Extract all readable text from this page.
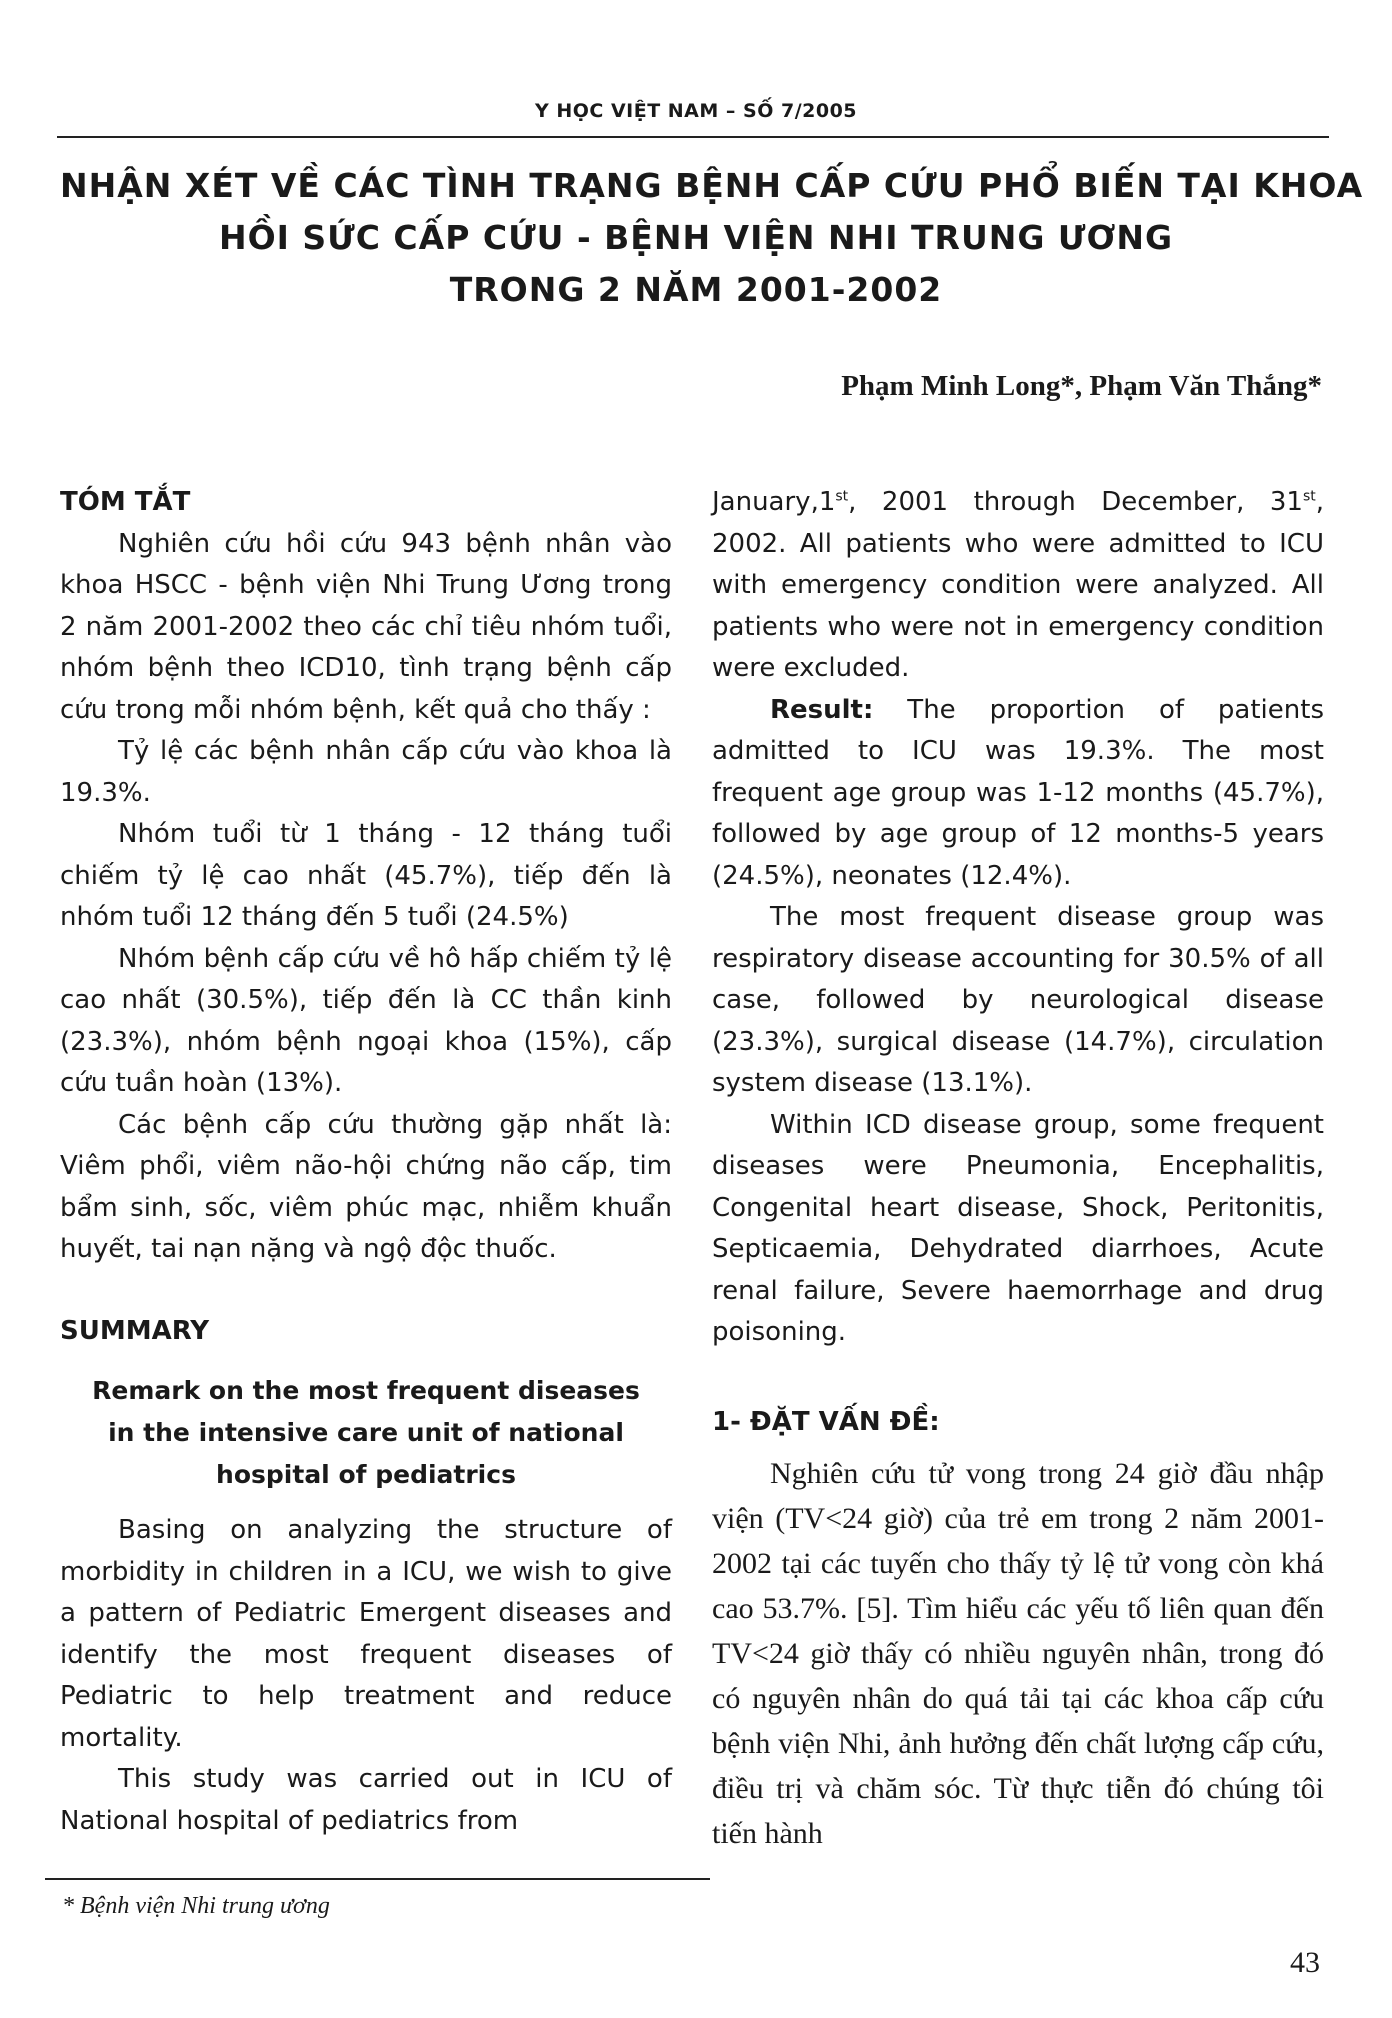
Y HỌC VIỆT NAM – SỐ 7/2005
NHẬN XÉT VỀ CÁC TÌNH TRẠNG BỆNH CẤP CỨU PHỔ BIẾN TẠI KHOA
HỒI SỨC CẤP CỨU - BỆNH VIỆN NHI TRUNG ƯƠNG
TRONG 2 NĂM 2001-2002
Phạm Minh Long*, Phạm Văn Thắng*
TÓM TẮT

Nghiên cứu hồi cứu 943 bệnh nhân vào khoa HSCC - bệnh viện Nhi Trung Ương trong 2 năm 2001-2002 theo các chỉ tiêu nhóm tuổi, nhóm bệnh theo ICD10, tình trạng bệnh cấp cứu trong mỗi nhóm bệnh, kết quả cho thấy :

Tỷ lệ các bệnh nhân cấp cứu vào khoa là 19.3%.

Nhóm tuổi từ 1 tháng - 12 tháng tuổi chiếm tỷ lệ cao nhất (45.7%), tiếp đến là nhóm tuổi 12 tháng đến 5 tuổi (24.5%)

Nhóm bệnh cấp cứu về hô hấp chiếm tỷ lệ cao nhất (30.5%), tiếp đến là CC thần kinh (23.3%), nhóm bệnh ngoại khoa (15%), cấp cứu tuần hoàn (13%).

Các bệnh cấp cứu thường gặp nhất là: Viêm phổi, viêm não-hội chứng não cấp, tim bẩm sinh, sốc, viêm phúc mạc, nhiễm khuẩn huyết, tai nạn nặng và ngộ độc thuốc.

SUMMARY
Remark on the most frequent diseases in the intensive care unit of national hospital of pediatrics

Basing on analyzing the structure of morbidity in children in a ICU, we wish to give a pattern of Pediatric Emergent diseases and identify the most frequent diseases of Pediatric to help treatment and reduce mortality.

This study was carried out in ICU of National hospital of pediatrics from

January,1st, 2001 through December, 31st, 2002. All patients who were admitted to ICU with emergency condition were analyzed. All patients who were not in emergency condition were excluded.

Result: The proportion of patients admitted to ICU was 19.3%. The most frequent age group was 1-12 months (45.7%), followed by age group of 12 months-5 years (24.5%), neonates (12.4%).

The most frequent disease group was respiratory disease accounting for 30.5% of all case, followed by neurological disease (23.3%), surgical disease (14.7%), circulation system disease (13.1%).

Within ICD disease group, some frequent diseases were Pneumonia, Encephalitis, Congenital heart disease, Shock, Peritonitis, Septicaemia, Dehydrated diarrhoes, Acute renal failure, Severe haemorrhage and drug poisoning.

1- ĐẶT VẤN ĐỀ:

Nghiên cứu tử vong trong 24 giờ đầu nhập viện (TV<24 giờ) của trẻ em trong 2 năm 2001-2002 tại các tuyến cho thấy tỷ lệ tử vong còn khá cao 53.7%. [5]. Tìm hiểu các yếu tố liên quan đến TV<24 giờ thấy có nhiều nguyên nhân, trong đó có nguyên nhân do quá tải tại các khoa cấp cứu bệnh viện Nhi, ảnh hưởng đến chất lượng cấp cứu, điều trị và chăm sóc. Từ thực tiễn đó chúng tôi tiến hành

* Bệnh viện Nhi trung ương
43
